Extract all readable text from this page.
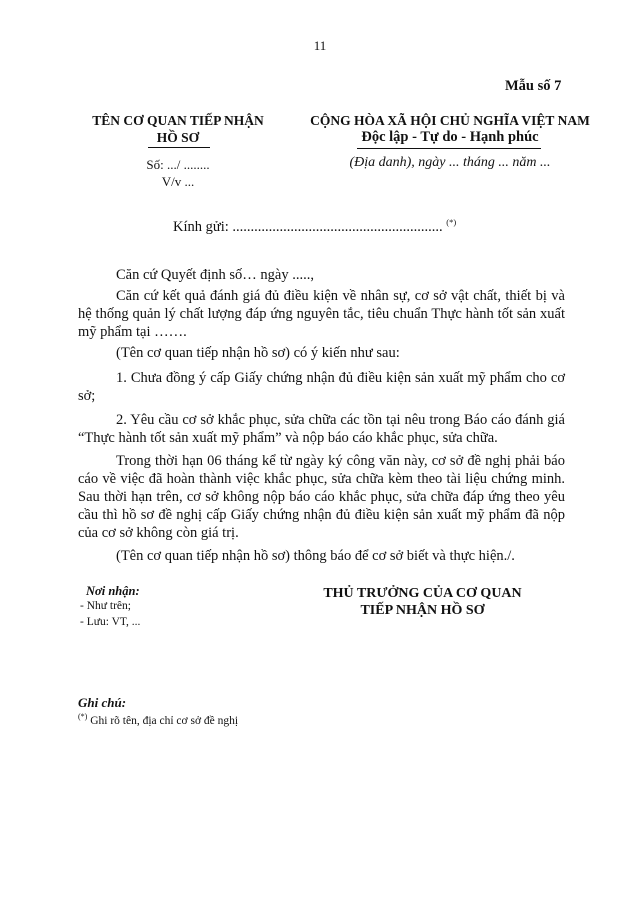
11
Mẫu số 7
TÊN CƠ QUAN TIẾP NHẬN
HỒ SƠ
Số: .../ ........
V/v ...
CỘNG HÒA XÃ HỘI CHỦ NGHĨA VIỆT NAM
Độc lập - Tự do - Hạnh phúc
(Địa danh), ngày ... tháng ... năm ...
Kính gửi: .......................................................... (*)

Căn cứ Quyết định số… ngày .....,

Căn cứ kết quả đánh giá đủ điều kiện về nhân sự, cơ sở vật chất, thiết bị và hệ thống quản lý chất lượng đáp ứng nguyên tắc, tiêu chuẩn Thực hành tốt sản xuất mỹ phẩm tại …….

(Tên cơ quan tiếp nhận hồ sơ) có ý kiến như sau:

1. Chưa đồng ý cấp Giấy chứng nhận đủ điều kiện sản xuất mỹ phẩm cho cơ sở;

2. Yêu cầu cơ sở khắc phục, sửa chữa các tồn tại nêu trong Báo cáo đánh giá “Thực hành tốt sản xuất mỹ phẩm” và nộp báo cáo khắc phục, sửa chữa.

Trong thời hạn 06 tháng kể từ ngày ký công văn này, cơ sở đề nghị phải báo cáo về việc đã hoàn thành việc khắc phục, sửa chữa kèm theo tài liệu chứng minh. Sau thời hạn trên, cơ sở không nộp báo cáo khắc phục, sửa chữa đáp ứng theo yêu cầu thì hồ sơ đề nghị cấp Giấy chứng nhận đủ điều kiện sản xuất mỹ phẩm đã nộp của cơ sở không còn giá trị.

(Tên cơ quan tiếp nhận hồ sơ) thông báo để cơ sở biết và thực hiện./.

Nơi nhận:
- Như trên;
- Lưu: VT, ...
THỦ TRƯỞNG CỦA CƠ QUAN
TIẾP NHẬN HỒ SƠ
Ghi chú:
(*) Ghi rõ tên, địa chỉ cơ sở đề nghị
